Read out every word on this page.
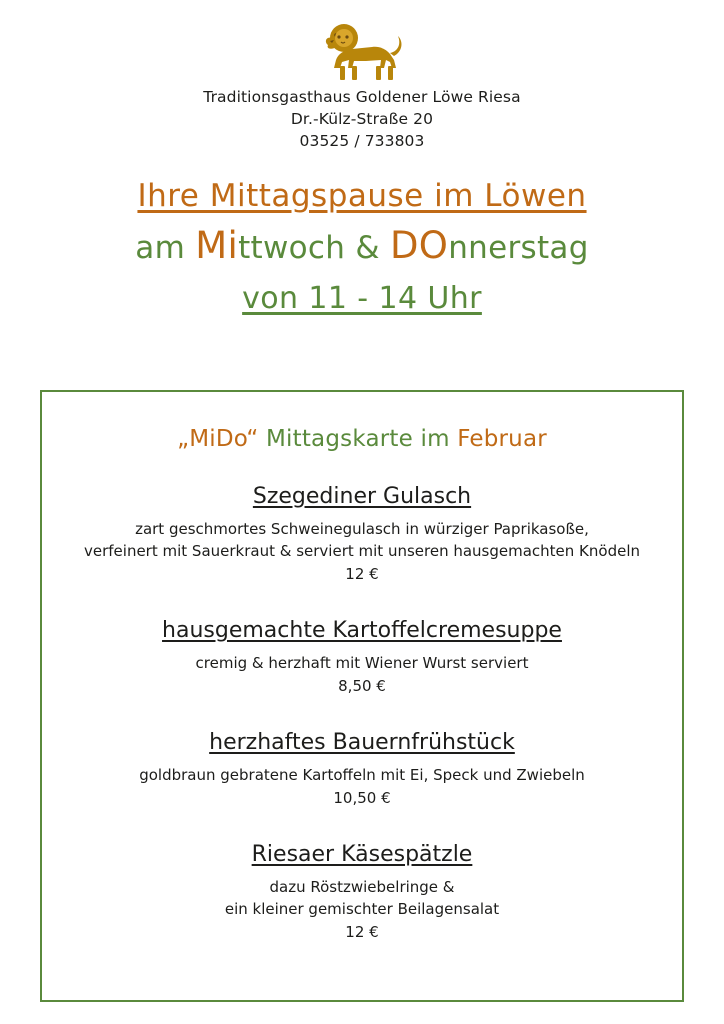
Traditionsgasthaus Goldener Löwe Riesa
Dr.-Külz-Straße 20
03525 / 733803
Ihre Mittagspause im Löwen
am Mittwoch & DOnnerstag
von 11 - 14 Uhr
„MiDo“ Mittagskarte im Februar
Szegediner Gulasch
zart geschmortes Schweinegulasch in würziger Paprikasoße,
verfeinert mit Sauerkraut & serviert mit unseren hausgemachten Knödeln
12 €
hausgemachte Kartoffelcremesuppe
cremig & herzhaft mit Wiener Wurst serviert
8,50 €
herzhaftes Bauernfrühstück
goldbraun gebratene Kartoffeln mit Ei, Speck und Zwiebeln
10,50 €
Riesaer Käsespätzle
dazu Röstzwiebelringe &
ein kleiner gemischter Beilagensalat
12 €
